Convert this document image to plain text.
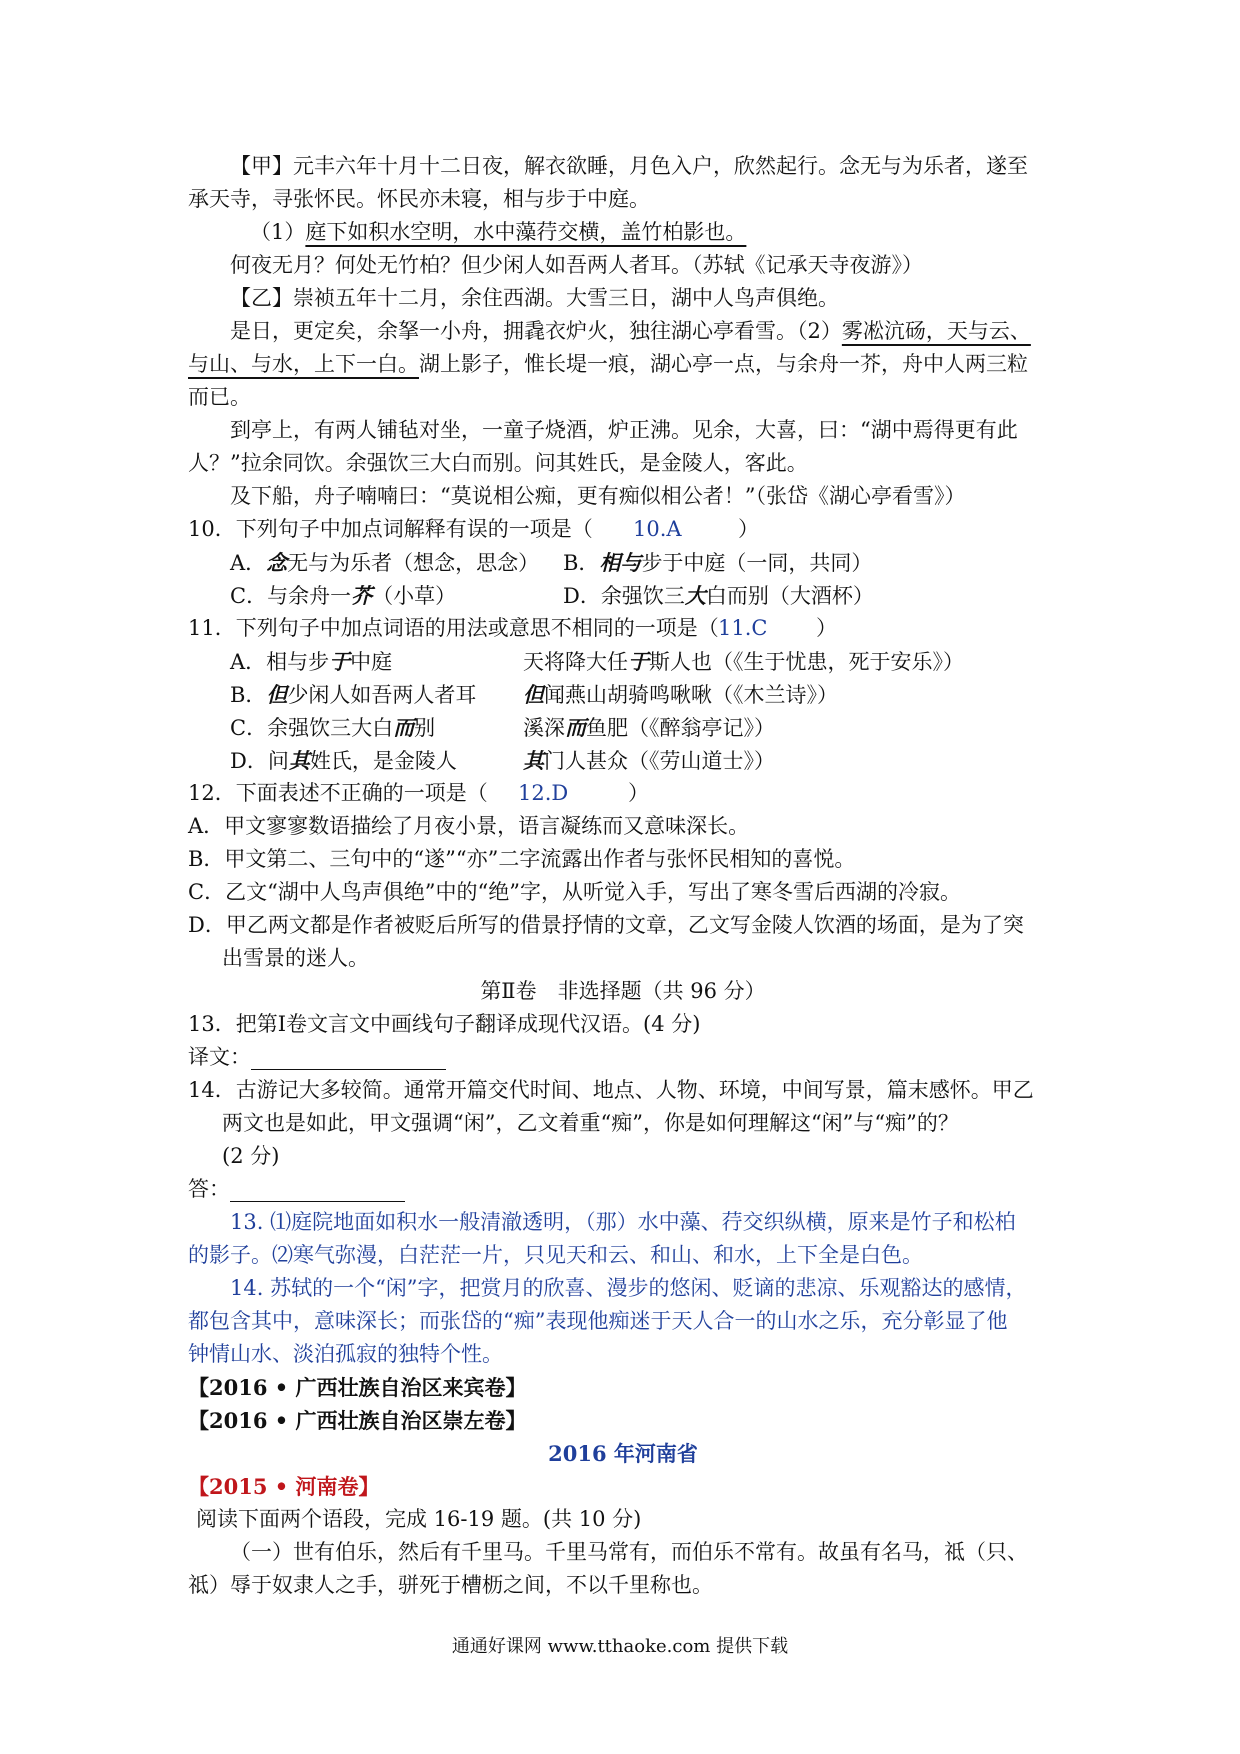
【甲】元丰六年十月十二日夜，解衣欲睡，月色入户，欣然起行。念无与为乐者，遂至
承天寺，寻张怀民。怀民亦未寝，相与步于中庭。
（1）庭下如积水空明，水中藻荇交横，盖竹柏影也。
何夜无月？何处无竹柏？但少闲人如吾两人者耳。（苏轼《记承天寺夜游》）
【乙】崇祯五年十二月，余住西湖。大雪三日，湖中人鸟声俱绝。
是日，更定矣，余拏一小舟，拥毳衣炉火，独往湖心亭看雪。（2）雾凇沆砀，天与云、
与山、与水，上下一白。湖上影子，惟长堤一痕，湖心亭一点，与余舟一芥，舟中人两三粒
而已。
到亭上，有两人铺毡对坐，一童子烧酒，炉正沸。见余，大喜，曰：“湖中焉得更有此
人？”拉余同饮。余强饮三大白而别。问其姓氏，是金陵人，客此。
及下船，舟子喃喃曰：“莫说相公痴，更有痴似相公者！”（张岱《湖心亭看雪》）
10．下列句子中加点词解释有误的一项是（ 10.A	）
A．念无与为乐者（想念，思念） B．相与步于中庭（一同，共同）
C．与余舟一芥（小草）	D．余强饮三大白而别（大酒杯）
11．下列句子中加点词语的用法或意思不相同的一项是（ 11.C ）
A．相与步于中庭	天将降大任于斯人也（《生于忧患，死于安乐》）
B．但少闲人如吾两人者耳 但闻燕山胡骑鸣啾啾（《木兰诗》）
C．余强饮三大白而别	溪深而鱼肥（《醉翁亭记》）
D．问其姓氏，是金陵人	其门人甚众（《劳山道士》）
12．下面表述不正确的一项是（ 12.D	）
A．甲文寥寥数语描绘了月夜小景，语言凝练而又意味深长。
B．甲文第二、三句中的“遂”“亦”二字流露出作者与张怀民相知的喜悦。
C．乙文“湖中人鸟声俱绝”中的“绝”字，从听觉入手，写出了寒冬雪后西湖的冷寂。
D．甲乙两文都是作者被贬后所写的借景抒情的文章，乙文写金陵人饮酒的场面，是为了突
出雪景的迷人。
第Ⅱ卷　非选择题（共 96 分）
13．把第Ⅰ卷文言文中画线句子翻译成现代汉语。(4 分)
译文：
14．古游记大多较简。通常开篇交代时间、地点、人物、环境，中间写景，篇末感怀。甲乙
两文也是如此，甲文强调“闲”，乙文着重“痴”，你是如何理解这“闲”与“痴”的？
(2 分)
答：
13. ⑴庭院地面如积水一般清澈透明，（那）水中藻、荇交织纵横，原来是竹子和松柏
的影子。⑵寒气弥漫，白茫茫一片，只见天和云、和山、和水，上下全是白色。
14. 苏轼的一个“闲”字，把赏月的欣喜、漫步的悠闲、贬谪的悲凉、乐观豁达的感情，
都包含其中，意味深长；而张岱的“痴”表现他痴迷于天人合一的山水之乐，充分彰显了他
钟情山水、淡泊孤寂的独特个性。
【2016 • 广西壮族自治区来宾卷】
【2016 • 广西壮族自治区崇左卷】
2016 年河南省
【2015 • 河南卷】
阅读下面两个语段，完成 16-19 题。(共 10 分)
（一）世有伯乐，然后有千里马。千里马常有，而伯乐不常有。故虽有名马，祗（只、
祗）辱于奴隶人之手，骈死于槽枥之间，不以千里称也。
通通好课网 www.tthaoke.com 提供下载
